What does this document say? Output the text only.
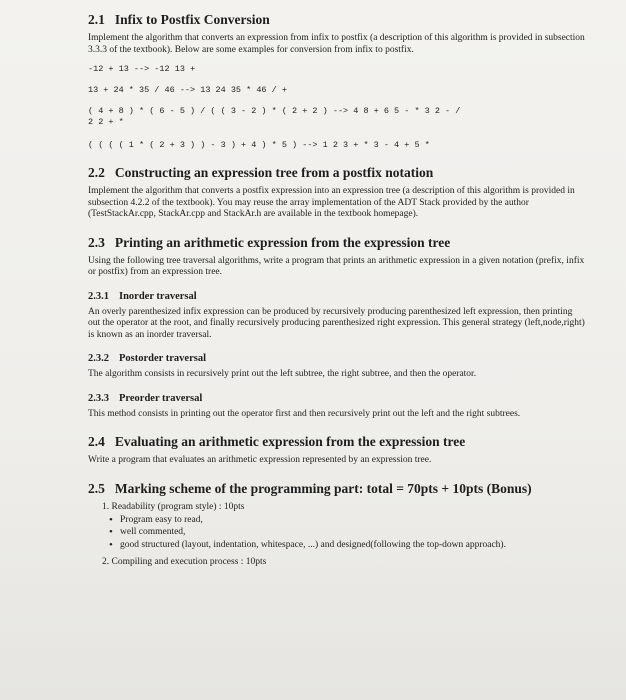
2.1 Infix to Postfix Conversion

Implement the algorithm that converts an expression from infix to postfix (a description of this algorithm is provided in subsection 3.3.3 of the textbook). Below are some examples for conversion from infix to postfix.

-12 + 13 --> -12 13 +

13 + 24 * 35 / 46 --> 13 24 35 * 46 / +

( 4 + 8 ) * ( 6 - 5 ) / ( ( 3 - 2 ) * ( 2 + 2 ) --> 4 8 + 6 5 - * 3 2 - /
2 2 + *

( ( ( ( 1 * ( 2 + 3 ) ) - 3 ) + 4 ) * 5 ) --> 1 2 3 + * 3 - 4 + 5 *

2.2 Constructing an expression tree from a postfix notation

Implement the algorithm that converts a postfix expression into an expression tree (a description of this algorithm is provided in subsection 4.2.2 of the textbook). You may reuse the array implementation of the ADT Stack provided by the author (TestStackAr.cpp, StackAr.cpp and StackAr.h are available in the textbook homepage).

2.3 Printing an arithmetic expression from the expression tree

Using the following tree traversal algorithms, write a program that prints an arithmetic expression in a given notation (prefix, infix or postfix) from an expression tree.

2.3.1 Inorder traversal

An overly parenthesized infix expression can be produced by recursively producing parenthesized left expression, then printing out the operator at the root, and finally recursively producing parenthesized right expression. This general strategy (left,node,right) is known as an inorder traversal.

2.3.2 Postorder traversal

The algorithm consists in recursively print out the left subtree, the right subtree, and then the operator.

2.3.3 Preorder traversal

This method consists in printing out the operator first and then recursively print out the left and the right subtrees.

2.4 Evaluating an arithmetic expression from the expression tree

Write a program that evaluates an arithmetic expression represented by an expression tree.

2.5 Marking scheme of the programming part: total = 70pts + 10pts (Bonus)
1. Readability (program style) : 10pts
• Program easy to read,
• well commented,
• good structured (layout, indentation, whitespace, ...) and designed(following the top-down approach).
2. Compiling and execution process : 10pts
